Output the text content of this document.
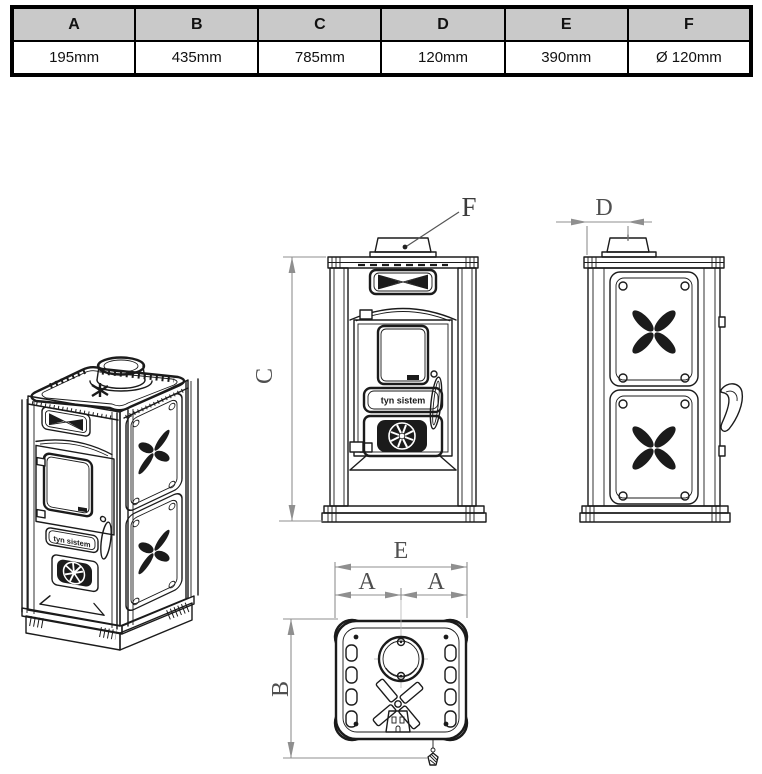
A	B	C	D	E	F
195mm	435mm	785mm	120mm	390mm	Ø 120mm
tyn sistem
tyn sistem
C
F	D
E
A A
B
